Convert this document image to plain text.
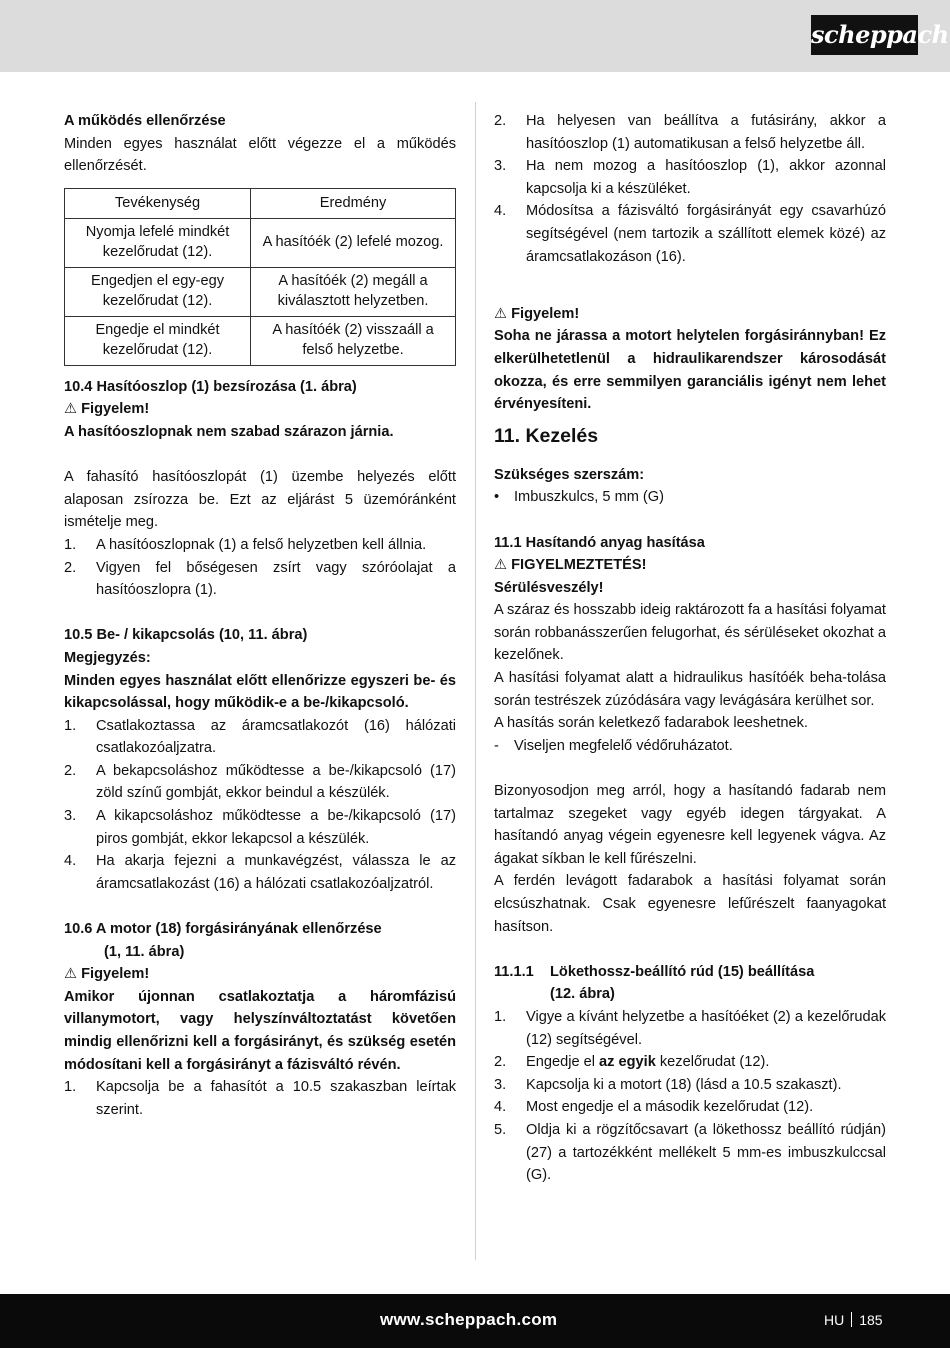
scheppach
A működés ellenőrzése
Minden egyes használat előtt végezze el a működés ellenőrzését.
Tevékenység	Eredmény
Nyomja lefelé mindkét kezelőrudat (12).	A hasítóék (2) lefelé mozog.
Engedjen el egy-egy kezelőrudat (12).	A hasítóék (2) megáll a kiválasztott helyzetben.
Engedje el mindkét kezelőrudat (12).	A hasítóék (2) visszaáll a felső helyzetbe.
10.4 Hasítóoszlop (1) bezsírozása (1. ábra)
⚠ Figyelem!
A hasítóoszlopnak nem szabad szárazon járnia.
A fahasító hasítóoszlopát (1) üzembe helyezés előtt alaposan zsírozza be. Ezt az eljárást 5 üzemóránként ismételje meg.
1. A hasítóoszlopnak (1) a felső helyzetben kell állnia.
2. Vigyen fel bőségesen zsírt vagy szóróolajat a hasítóoszlopra (1).
10.5 Be- / kikapcsolás (10, 11. ábra)
Megjegyzés:
Minden egyes használat előtt ellenőrizze egyszeri be- és kikapcsolással, hogy működik-e a be-/kikapcsoló.
1. Csatlakoztassa az áramcsatlakozót (16) hálózati csatlakozóaljzatra.
2. A bekapcsoláshoz működtesse a be-/kikapcsoló (17) zöld színű gombját, ekkor beindul a készülék.
3. A kikapcsoláshoz működtesse a be-/kikapcsoló (17) piros gombját, ekkor lekapcsol a készülék.
4. Ha akarja fejezni a munkavégzést, válassza le az áramcsatlakozást (16) a hálózati csatlakozóaljzatról.
10.6 A motor (18) forgásirányának ellenőrzése
(1, 11. ábra)
⚠ Figyelem!
Amikor újonnan csatlakoztatja a háromfázisú villanymotort, vagy helyszínváltoztatást követően mindig ellenőrizni kell a forgásirányt, és szükség esetén módosítani kell a forgásirányt a fázisváltó révén.
1. Kapcsolja be a fahasítót a 10.5 szakaszban leírtak szerint.
2. Ha helyesen van beállítva a futásirány, akkor a hasítóoszlop (1) automatikusan a felső helyzetbe áll.
3. Ha nem mozog a hasítóoszlop (1), akkor azonnal kapcsolja ki a készüléket.
4. Módosítsa a fázisváltó forgásirányát egy csavarhúzó segítségével (nem tartozik a szállított elemek közé) az áramcsatlakozáson (16).
⚠ Figyelem!
Soha ne járassa a motort helytelen forgásiránnyban! Ez elkerülhetetlenül a hidraulikarendszer károsodását okozza, és erre semmilyen garanciális igényt nem lehet érvényesíteni.
11. Kezelés
Szükséges szerszám:
• Imbuszkulcs, 5 mm (G)
11.1 Hasítandó anyag hasítása
⚠ FIGYELMEZTETÉS!
Sérülésveszély!
A száraz és hosszabb ideig raktározott fa a hasítási folyamat során robbanásszerűen felugorhat, és sérüléseket okozhat a kezelőnek.
A hasítási folyamat alatt a hidraulikus hasítóék beha-tolása során testrészek zúzódására vagy levágására kerülhet sor.
A hasítás során keletkező fadarabok leeshetnek.
- Viseljen megfelelő védőruházatot.
Bizonyosodjon meg arról, hogy a hasítandó fadarab nem tartalmaz szegeket vagy egyéb idegen tárgyakat. A hasítandó anyag végein egyenesre kell legyenek vágva. Az ágakat síkban le kell fűrészelni.
A ferdén levágott fadarabok a hasítási folyamat során elcsúszhatnak. Csak egyenesre lefűrészelt faanyagokat hasítson.
11.1.1 Lökethossz-beállító rúd (15) beállítása
(12. ábra)
1. Vigye a kívánt helyzetbe a hasítóéket (2) a kezelőrudak (12) segítségével.
2. Engedje el az egyik kezelőrudat (12).
3. Kapcsolja ki a motort (18) (lásd a 10.5 szakaszt).
4. Most engedje el a második kezelőrudat (12).
5. Oldja ki a rögzítőcsavart (a lökethossz beállító rúdján) (27) a tartozékként mellékelt 5 mm-es imbuszkulccsal (G).
www.scheppach.com	HU 185
